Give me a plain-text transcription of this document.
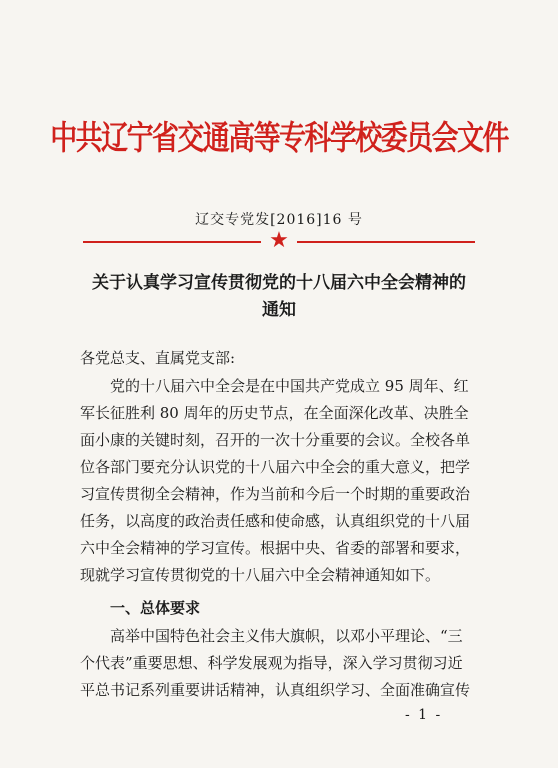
中共辽宁省交通高等专科学校委员会文件
辽交专党发[2016]16 号
★
关于认真学习宣传贯彻党的十八届六中全会精神的
通知
各党总支、直属党支部:
党的十八届六中全会是在中国共产党成立 95 周年、红
军长征胜利 80 周年的历史节点，在全面深化改革、决胜全
面小康的关键时刻，召开的一次十分重要的会议。全校各单
位各部门要充分认识党的十八届六中全会的重大意义，把学
习宣传贯彻全会精神，作为当前和今后一个时期的重要政治
任务，以高度的政治责任感和使命感，认真组织党的十八届
六中全会精神的学习宣传。根据中央、省委的部署和要求，
现就学习宣传贯彻党的十八届六中全会精神通知如下。
一、总体要求
高举中国特色社会主义伟大旗帜，以邓小平理论、“三
个代表”重要思想、科学发展观为指导，深入学习贯彻习近
平总书记系列重要讲话精神，认真组织学习、全面准确宣传
- 1 -
